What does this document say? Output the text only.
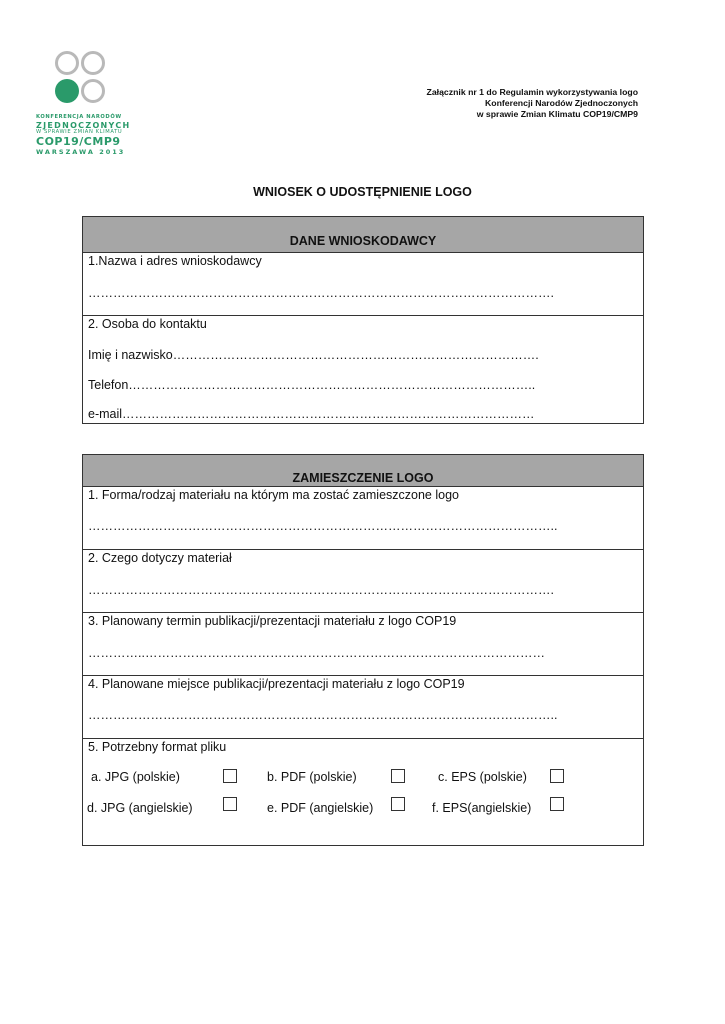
KONFERENCJA NARODÓW
ZJEDNOCZONYCH
W SPRAWIE ZMIAN KLIMATU
COP19/CMP9
WARSZAWA 2013
Załącznik nr 1 do Regulamin wykorzystywania logo
Konferencji Narodów Zjednoczonych
w sprawie Zmian Klimatu COP19/CMP9
WNIOSEK O UDOSTĘPNIENIE LOGO
DANE WNIOSKODAWCY
1.Nazwa i adres wnioskodawcy
………………………………………………………………………………………………….
2. Osoba do kontaktu
Imię i nazwisko…………………………………………………………………………….
Telefon……………………………………………………………………………………..
e-mail………………………………………………………………………………………
ZAMIESZCZENIE LOGO
1. Forma/rodzaj materiału na którym ma zostać zamieszczone logo
…………………………………………………………………………………………………..
2. Czego dotyczy materiał
………………………………………………………………………………………………….
3. Planowany termin publikacji/prezentacji materiału z logo COP19
…………..……………………………………………………………………………………
4. Planowane miejsce publikacji/prezentacji materiału z logo COP19
…………………………………………………………………………………………………..
5. Potrzebny format pliku
a. JPG (polskie)	b. PDF (polskie)	c. EPS (polskie)
d. JPG (angielskie)	e. PDF (angielskie)	f. EPS(angielskie)
